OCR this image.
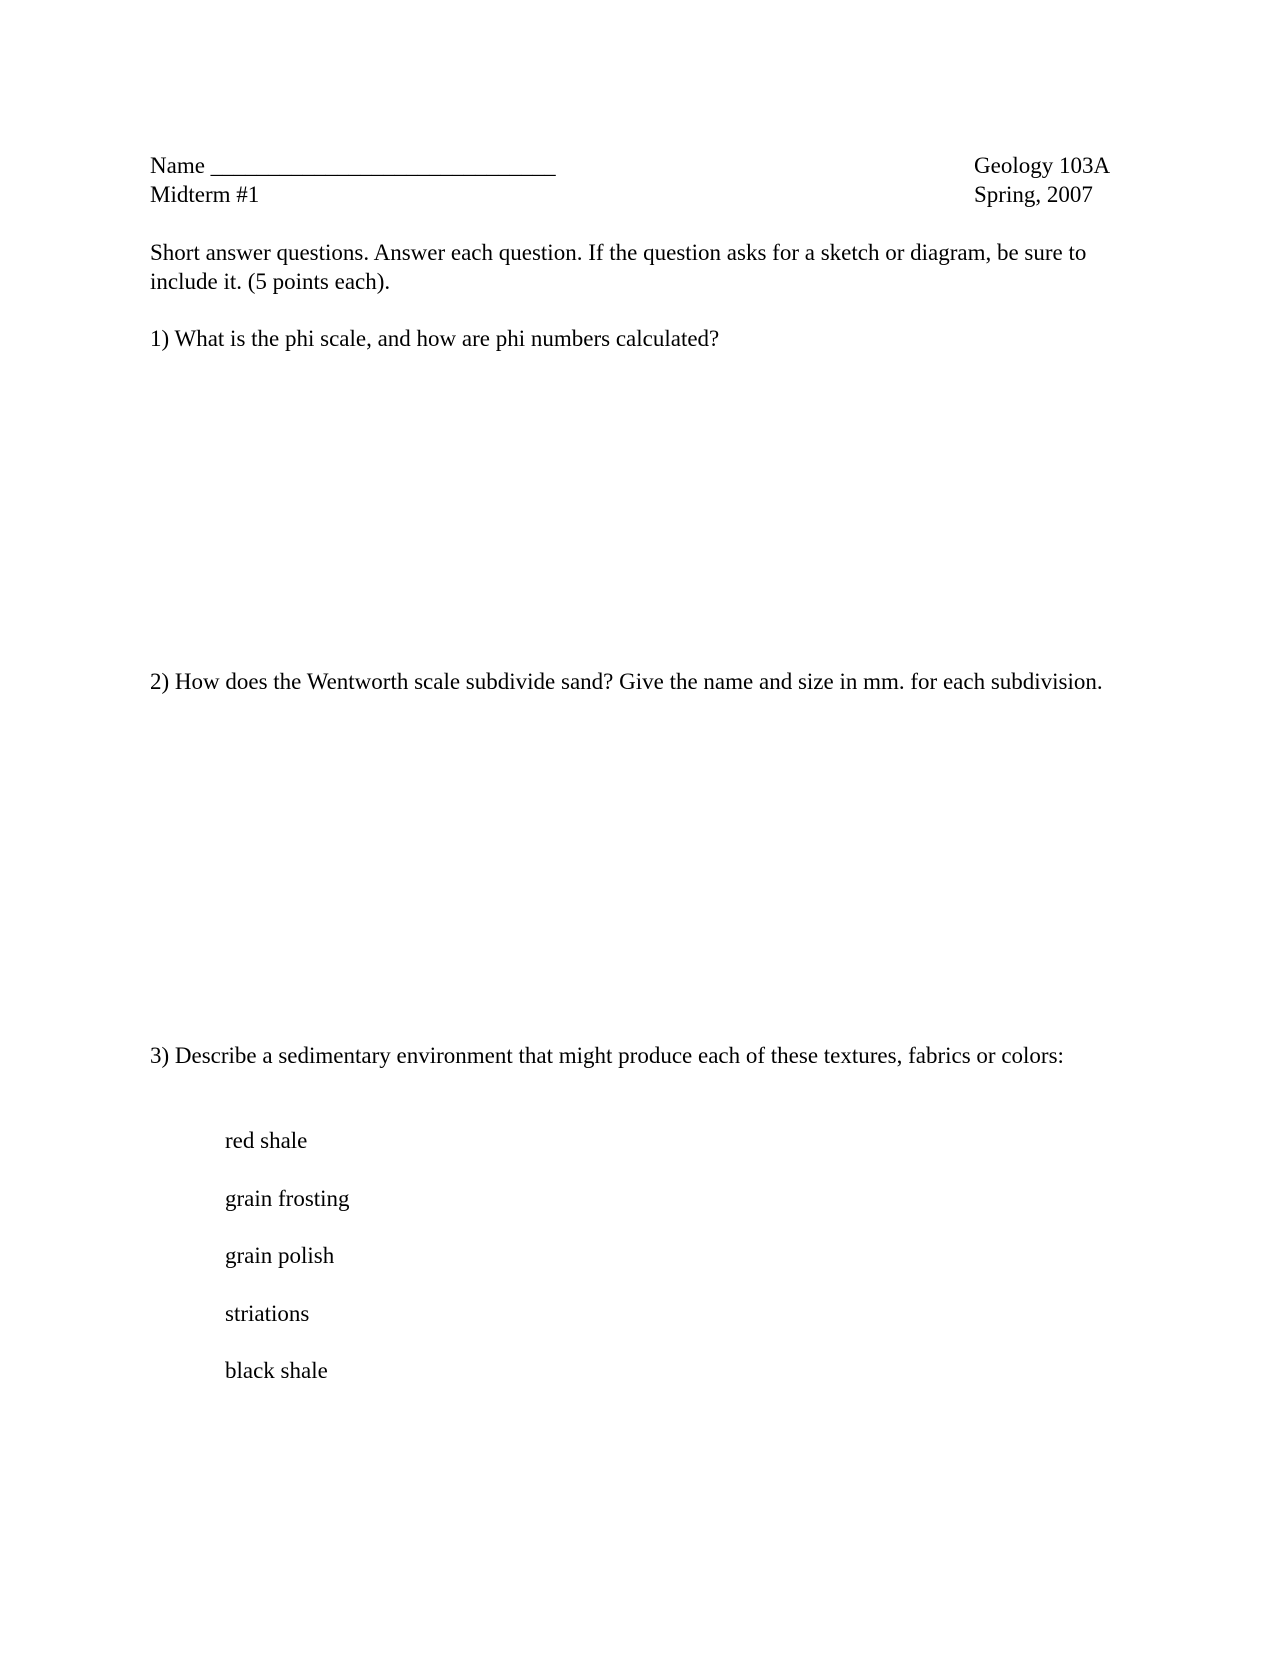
Name ______________________________	Geology 103A
Midterm #1	Spring, 2007

Short answer questions. Answer each question. If the question asks for a sketch or diagram, be sure to include it. (5 points each).

1) What is the phi scale, and how are phi numbers calculated?

2) How does the Wentworth scale subdivide sand? Give the name and size in mm. for each subdivision.

3) Describe a sedimentary environment that might produce each of these textures, fabrics or colors:

red shale
grain frosting
grain polish
striations
black shale
